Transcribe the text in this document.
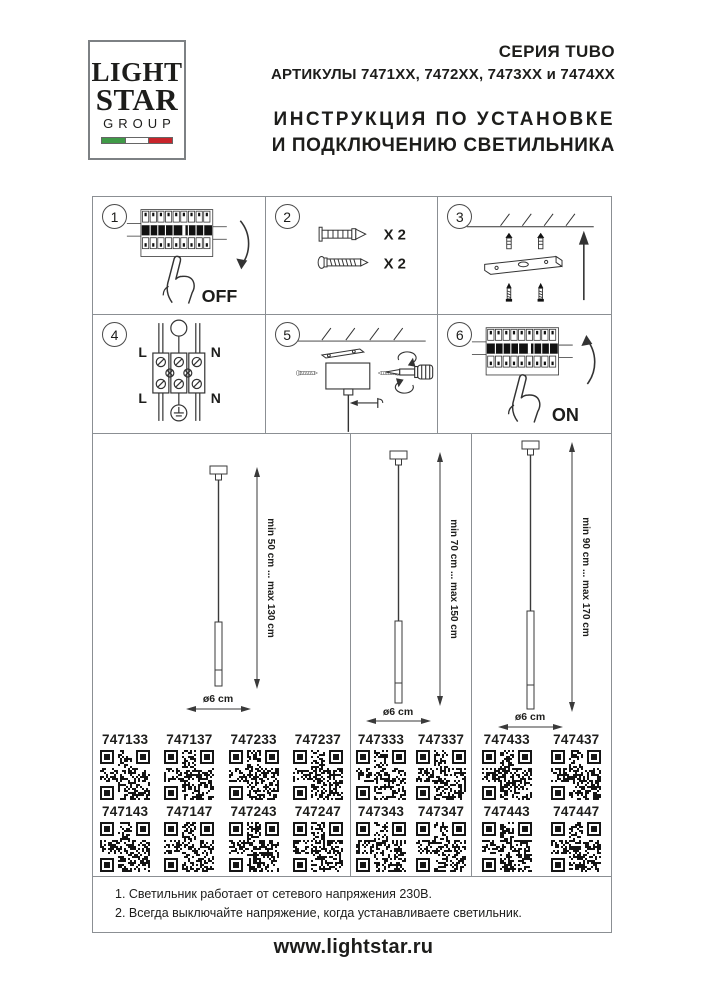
LIGHT
STAR
GROUP
СЕРИЯ TUBO
АРТИКУЛЫ 7471ХХ, 7472ХХ, 7473ХХ и 7474ХХ
ИНСТРУКЦИЯ ПО УСТАНОВКЕ
И ПОДКЛЮЧЕНИЮ СВЕТИЛЬНИКА
1
OFF
2
X 2
X 2
3
4
L	N
L	N
5	6
ON
min 50 cm ... max 130 cm
ø6 cm
747133 747137 747233 747237
747143 747147 747243 747247
min 70 cm ... max 150 cm
ø6 cm
747333 747337
747343 747347
min 90 cm ... max 170 cm
ø6 cm
747433 747437
747443 747447
1. Светильник работает от сетевого напряжения 230В.
2. Всегда выключайте напряжение, когда устанавливаете светильник.
www.lightstar.ru
